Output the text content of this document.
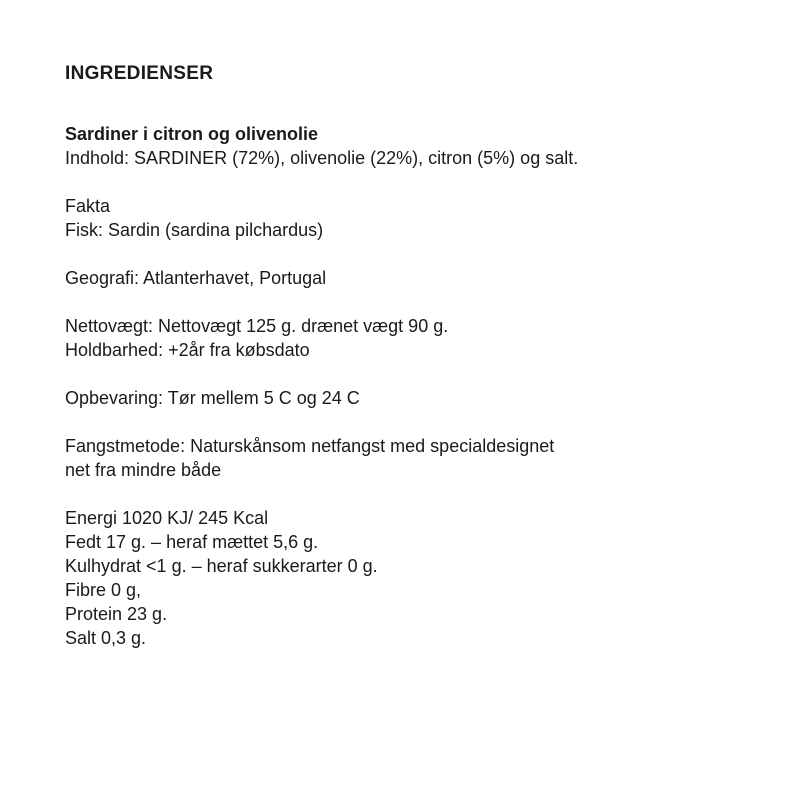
INGREDIENSER

Sardiner i citron og olivenolie
Indhold: SARDINER (72%), olivenolie (22%), citron (5%) og salt.

Fakta
Fisk: Sardin (sardina pilchardus)

Geografi: Atlanterhavet, Portugal

Nettovægt: Nettovægt 125 g. drænet vægt 90 g.
Holdbarhed: +2år fra købsdato

Opbevaring: Tør mellem 5 C og 24 C

Fangstmetode: Naturskånsom netfangst med specialdesignet
net fra mindre både

Energi 1020 KJ/ 245 Kcal
Fedt 17 g. – heraf mættet 5,6 g.
Kulhydrat <1 g. – heraf sukkerarter 0 g.
Fibre 0 g,
Protein 23 g.
Salt 0,3 g.
